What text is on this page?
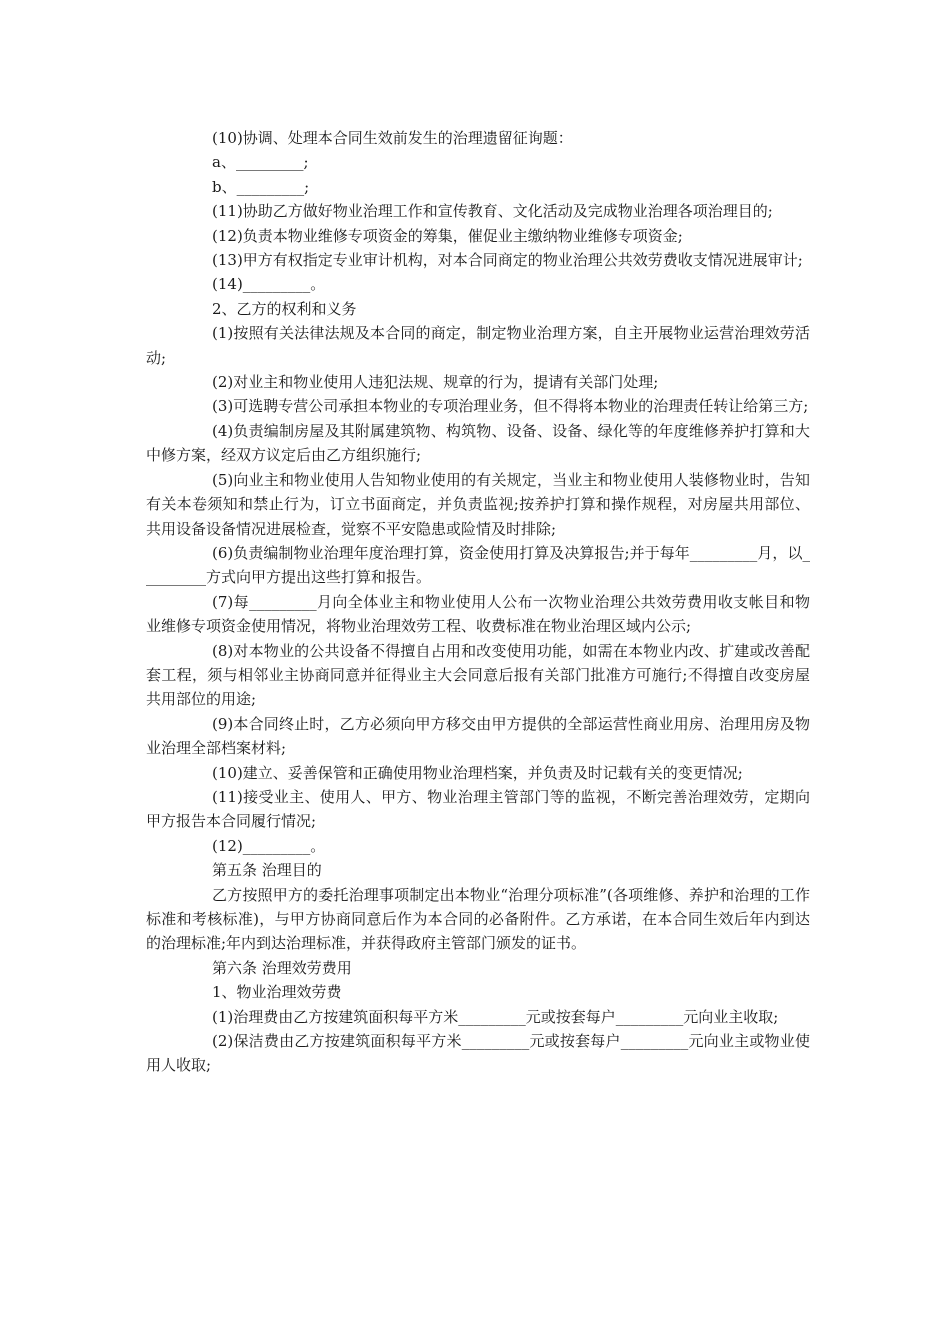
(10)协调、处理本合同生效前发生的治理遗留征询题：

a、_________;

b、_________;

(11)协助乙方做好物业治理工作和宣传教育、文化活动及完成物业治理各项治理目的;

(12)负责本物业维修专项资金的筹集，催促业主缴纳物业维修专项资金;

(13)甲方有权指定专业审计机构，对本合同商定的物业治理公共效劳费收支情况进展审计;

(14)_________。

2、乙方的权利和义务

(1)按照有关法律法规及本合同的商定，制定物业治理方案，自主开展物业运营治理效劳活动;

(2)对业主和物业使用人违犯法规、规章的行为，提请有关部门处理;

(3)可选聘专营公司承担本物业的专项治理业务，但不得将本物业的治理责任转让给第三方;

(4)负责编制房屋及其附属建筑物、构筑物、设备、设备、绿化等的年度维修养护打算和大中修方案，经双方议定后由乙方组织施行;

(5)向业主和物业使用人告知物业使用的有关规定，当业主和物业使用人装修物业时，告知有关本卷须知和禁止行为，订立书面商定，并负责监视;按养护打算和操作规程，对房屋共用部位、共用设备设备情况进展检查，觉察不平安隐患或险情及时排除;

(6)负责编制物业治理年度治理打算，资金使用打算及决算报告;并于每年_________月，以_________方式向甲方提出这些打算和报告。

(7)每_________月向全体业主和物业使用人公布一次物业治理公共效劳费用收支帐目和物业维修专项资金使用情况，将物业治理效劳工程、收费标准在物业治理区域内公示;

(8)对本物业的公共设备不得擅自占用和改变使用功能，如需在本物业内改、扩建或改善配套工程，须与相邻业主协商同意并征得业主大会同意后报有关部门批准方可施行;不得擅自改变房屋共用部位的用途;

(9)本合同终止时，乙方必须向甲方移交由甲方提供的全部运营性商业用房、治理用房及物业治理全部档案材料;

(10)建立、妥善保管和正确使用物业治理档案，并负责及时记载有关的变更情况;

(11)接受业主、使用人、甲方、物业治理主管部门等的监视，不断完善治理效劳，定期向甲方报告本合同履行情况;

(12)_________。

第五条 治理目的

乙方按照甲方的委托治理事项制定出本物业“治理分项标准”(各项维修、养护和治理的工作标准和考核标准)，与甲方协商同意后作为本合同的必备附件。乙方承诺，在本合同生效后年内到达的治理标准;年内到达治理标准，并获得政府主管部门颁发的证书。

第六条 治理效劳费用

1、物业治理效劳费

(1)治理费由乙方按建筑面积每平方米_________元或按套每户_________元向业主收取;

(2)保洁费由乙方按建筑面积每平方米_________元或按套每户_________元向业主或物业使用人收取;
